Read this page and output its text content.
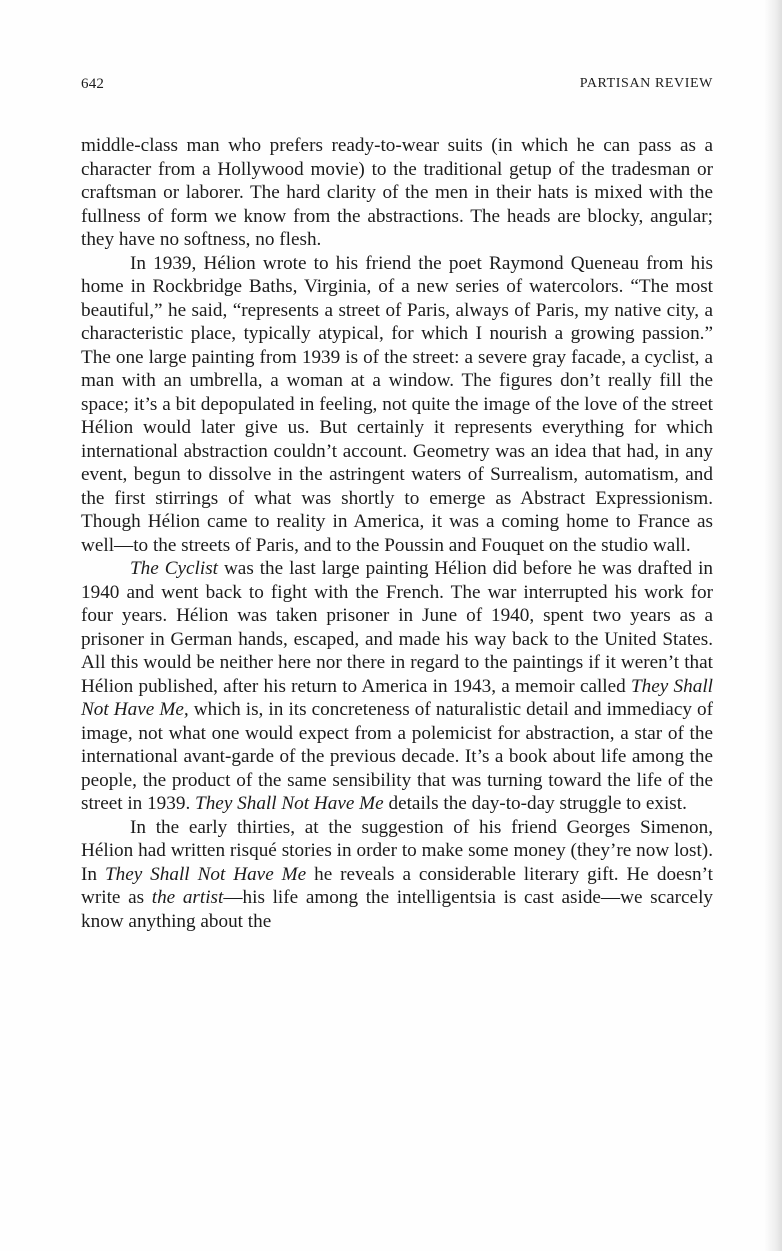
642	PARTISAN REVIEW

middle-class man who prefers ready-to-wear suits (in which he can pass as a character from a Hollywood movie) to the traditional getup of the tradesman or craftsman or laborer. The hard clarity of the men in their hats is mixed with the fullness of form we know from the abstractions. The heads are blocky, angular; they have no softness, no flesh.

In 1939, Hélion wrote to his friend the poet Raymond Queneau from his home in Rockbridge Baths, Virginia, of a new series of watercolors. “The most beautiful,” he said, “represents a street of Paris, always of Paris, my native city, a characteristic place, typically atypical, for which I nourish a growing passion.” The one large painting from 1939 is of the street: a severe gray facade, a cyclist, a man with an umbrella, a woman at a window. The figures don’t really fill the space; it’s a bit depopulated in feeling, not quite the image of the love of the street Hélion would later give us. But certainly it represents everything for which international abstraction couldn’t account. Geometry was an idea that had, in any event, begun to dissolve in the astringent waters of Surrealism, automatism, and the first stirrings of what was shortly to emerge as Abstract Expressionism. Though Hélion came to reality in America, it was a coming home to France as well—to the streets of Paris, and to the Poussin and Fouquet on the studio wall.

The Cyclist was the last large painting Hélion did before he was drafted in 1940 and went back to fight with the French. The war interrupted his work for four years. Hélion was taken prisoner in June of 1940, spent two years as a prisoner in German hands, escaped, and made his way back to the United States. All this would be neither here nor there in regard to the paintings if it weren’t that Hélion published, after his return to America in 1943, a memoir called They Shall Not Have Me, which is, in its concreteness of naturalistic detail and immediacy of image, not what one would expect from a polemicist for abstraction, a star of the international avant-garde of the previous decade. It’s a book about life among the people, the product of the same sensibility that was turning toward the life of the street in 1939. They Shall Not Have Me details the day-to-day struggle to exist.

In the early thirties, at the suggestion of his friend Georges Simenon, Hélion had written risqué stories in order to make some money (they’re now lost). In They Shall Not Have Me he reveals a considerable literary gift. He doesn’t write as the artist—his life among the intelligentsia is cast aside—we scarcely know anything about the
